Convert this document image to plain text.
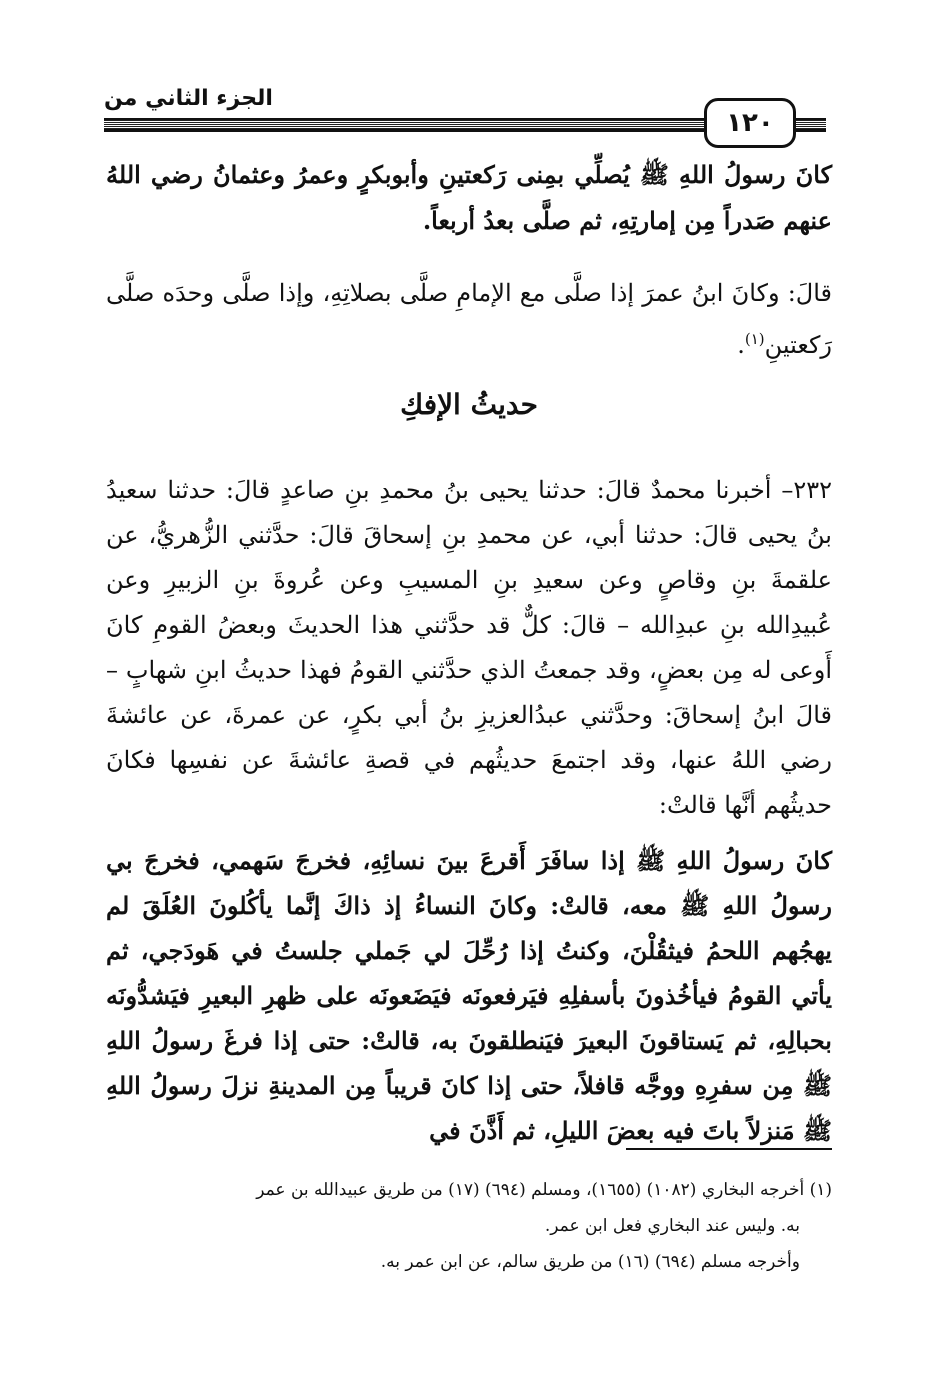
الجزء الثاني من
١٢٠
كانَ رسولُ اللهِ ﷺ يُصلِّي بمِنى رَكعتينِ وأبوبكرٍ وعمرُ وعثمانُ رضي اللهُ عنهم صَدراً مِن إمارتِهِ، ثم صلَّى بعدُ أربعاً.
قالَ: وكانَ ابنُ عمرَ إذا صلَّى مع الإمامِ صلَّى بصلاتِهِ، وإذا صلَّى وحدَه صلَّى رَكعتينِ$^{(١)}$.
حديثُ الإفكِ
٢٣٢– أخبرنا محمدٌ قالَ: حدثنا يحيى بنُ محمدِ بنِ صاعدٍ قالَ: حدثنا سعيدُ بنُ يحيى قالَ: حدثنا أبي، عن محمدِ بنِ إسحاقَ قالَ: حدَّثني الزُّهريُّ، عن علقمةَ بنِ وقاصٍ وعن سعيدِ بنِ المسيبِ وعن عُروةَ بنِ الزبيرِ وعن عُبيدِالله بنِ عبدِالله – قالَ: كلٌّ قد حدَّثني هذا الحديثَ وبعضُ القومِ كانَ أَوعى له مِن بعضٍ، وقد جمعتُ الذي حدَّثني القومُ فهذا حديثُ ابنِ شهابٍ – قالَ ابنُ إسحاقَ: وحدَّثني عبدُالعزيزِ بنُ أبي بكرٍ، عن عمرةَ، عن عائشةَ رضي اللهُ عنها، وقد اجتمعَ حديثُهم في قصةِ عائشةَ عن نفسِها فكانَ حديثُهم أنَّها قالتْ:
كانَ رسولُ اللهِ ﷺ إذا سافَرَ أَقرعَ بينَ نسائِهِ، فخرجَ سَهمي، فخرجَ بي رسولُ اللهِ ﷺ معه، قالتْ: وكانَ النساءُ إذ ذاكَ إنَّما يأكُلونَ العُلَقَ لم يهجُهم اللحمُ فيثقُلْنَ، وكنتُ إذا رُحِّلَ لي جَملي جلستُ في هَودَجي، ثم يأتي القومُ فيأخُذونَ بأسفلِهِ فيَرفعونَه فيَضَعونَه على ظهرِ البعيرِ فيَشدُّونَه بحبالِهِ، ثم يَستاقونَ البعيرَ فيَنطلقونَ به، قالتْ: حتى إذا فرغَ رسولُ اللهِ ﷺ مِن سفرِهِ ووجَّه قافلاً، حتى إذا كانَ قريباً مِن المدينةِ نزلَ رسولُ اللهِ ﷺ مَنزلاً باتَ فيه بعضَ الليلِ، ثم أَذَّنَ في
(١) أخرجه البخاري (١٠٨٢) (١٦٥٥)، ومسلم (٦٩٤) (١٧) من طريق عبيدالله بن عمر
به. وليس عند البخاري فعل ابن عمر.
وأخرجه مسلم (٦٩٤) (١٦) من طريق سالم، عن ابن عمر به.
